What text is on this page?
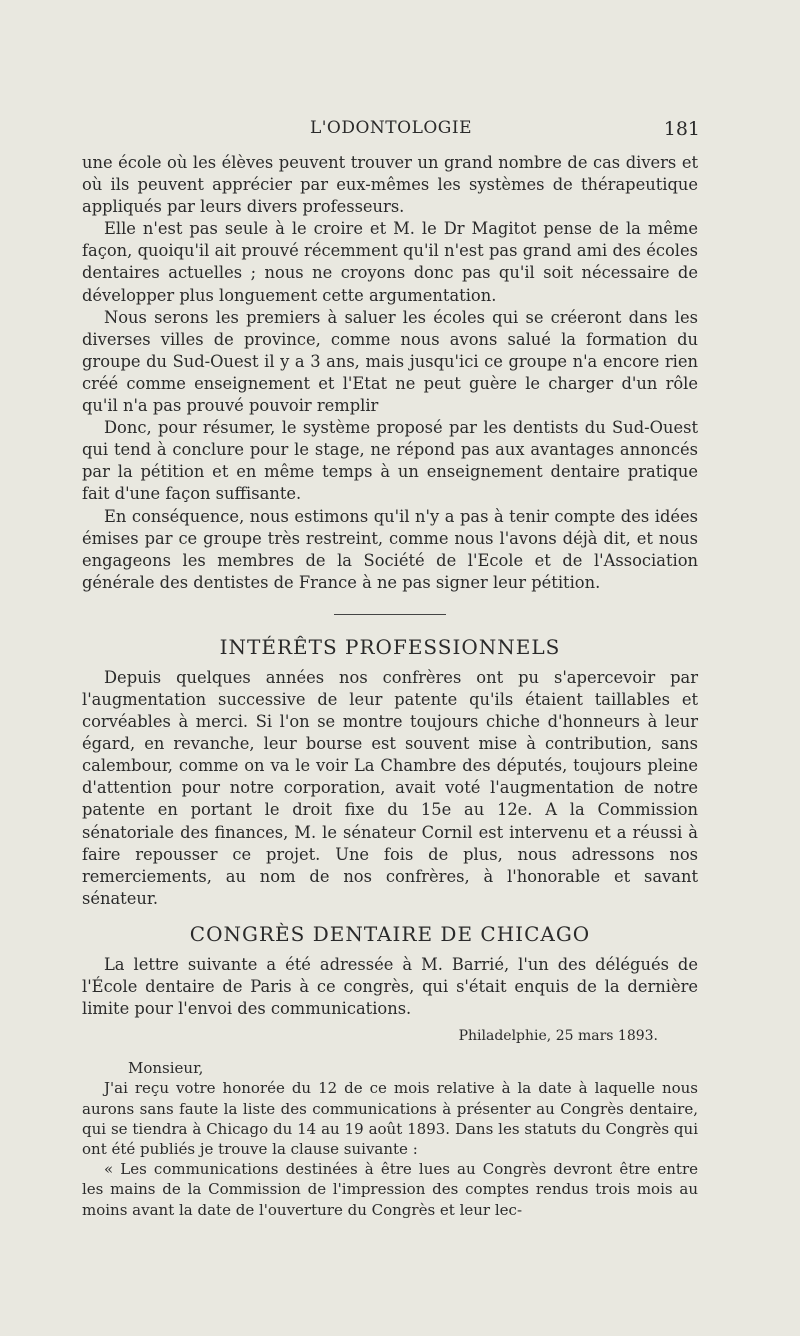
L'ODONTOLOGIE	181

une école où les élèves peuvent trouver un grand nombre de cas divers et où ils peuvent apprécier par eux-mêmes les systèmes de thérapeutique appliqués par leurs divers professeurs.

Elle n'est pas seule à le croire et M. le Dr Magitot pense de la même façon, quoiqu'il ait prouvé récemment qu'il n'est pas grand ami des écoles dentaires actuelles ; nous ne croyons donc pas qu'il soit nécessaire de développer plus longuement cette argumentation.

Nous serons les premiers à saluer les écoles qui se créeront dans les diverses villes de province, comme nous avons salué la formation du groupe du Sud-Ouest il y a 3 ans, mais jusqu'ici ce groupe n'a encore rien créé comme enseignement et l'Etat ne peut guère le charger d'un rôle qu'il n'a pas prouvé pouvoir remplir

Donc, pour résumer, le système proposé par les dentists du Sud-Ouest qui tend à conclure pour le stage, ne répond pas aux avantages annoncés par la pétition et en même temps à un enseignement dentaire pratique fait d'une façon suffisante.

En conséquence, nous estimons qu'il n'y a pas à tenir compte des idées émises par ce groupe très restreint, comme nous l'avons déjà dit, et nous engageons les membres de la Société de l'Ecole et de l'Association générale des dentistes de France à ne pas signer leur pétition.

INTÉRÊTS PROFESSIONNELS

Depuis quelques années nos confrères ont pu s'apercevoir par l'augmentation successive de leur patente qu'ils étaient taillables et corvéables à merci. Si l'on se montre toujours chiche d'honneurs à leur égard, en revanche, leur bourse est souvent mise à contribution, sans calembour, comme on va le voir La Chambre des députés, toujours pleine d'attention pour notre corporation, avait voté l'augmentation de notre patente en portant le droit fixe du 15e au 12e. A la Commission sénatoriale des finances, M. le sénateur Cornil est intervenu et a réussi à faire repousser ce projet. Une fois de plus, nous adressons nos remerciements, au nom de nos confrères, à l'honorable et savant sénateur.

CONGRÈS DENTAIRE DE CHICAGO

La lettre suivante a été adressée à M. Barrié, l'un des délégués de l'École dentaire de Paris à ce congrès, qui s'était enquis de la dernière limite pour l'envoi des communications.

Philadelphie, 25 mars 1893.

Monsieur,

J'ai reçu votre honorée du 12 de ce mois relative à la date à laquelle nous aurons sans faute la liste des communications à présenter au Congrès dentaire, qui se tiendra à Chicago du 14 au 19 août 1893. Dans les statuts du Congrès qui ont été publiés je trouve la clause suivante :

« Les communications destinées à être lues au Congrès devront être entre les mains de la Commission de l'impression des comptes rendus trois mois au moins avant la date de l'ouverture du Congrès et leur lec-
